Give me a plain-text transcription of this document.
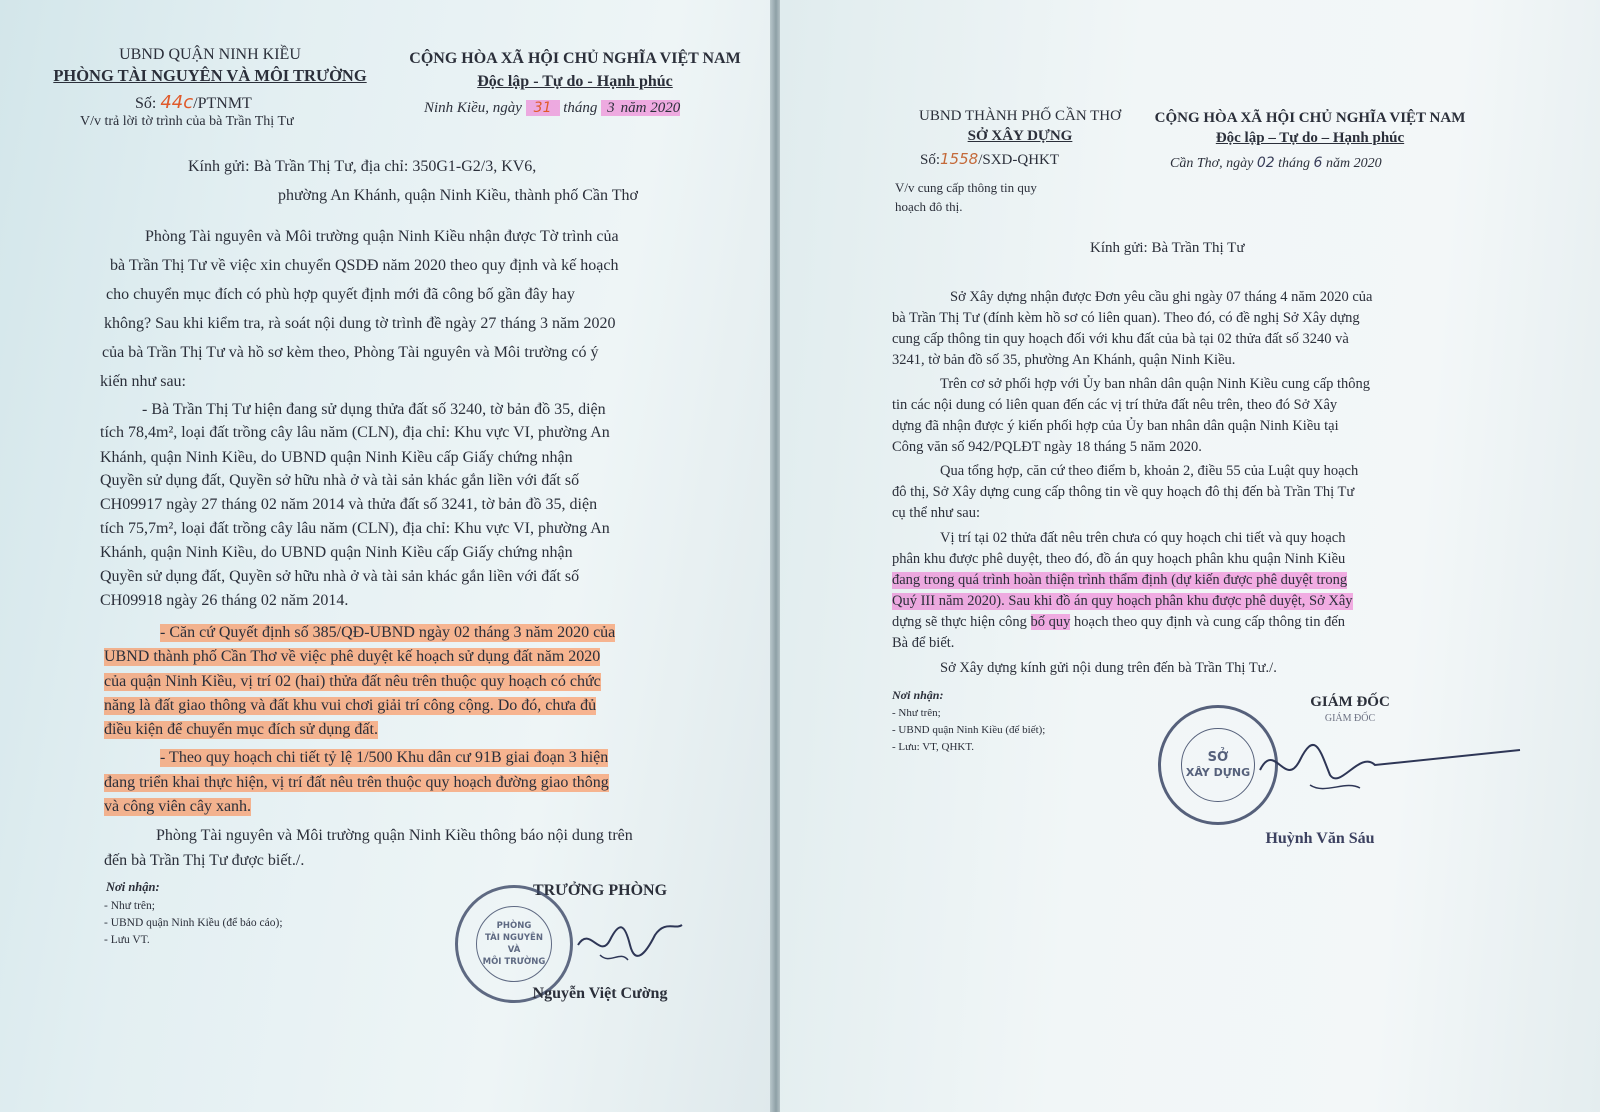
UBND QUẬN NINH KIỀU
PHÒNG TÀI NGUYÊN VÀ MÔI TRƯỜNG
Số: 44c/PTNMT
V/v trả lời tờ trình của bà Trần Thị Tư
CỘNG HÒA XÃ HỘI CHỦ NGHĨA VIỆT NAM
Độc lập - Tự do - Hạnh phúc
Ninh Kiều, ngày 31 tháng 3 năm 2020
Kính gửi: Bà Trần Thị Tư, địa chỉ: 350G1-G2/3, KV6,
phường An Khánh, quận Ninh Kiều, thành phố Cần Thơ
Phòng Tài nguyên và Môi trường quận Ninh Kiều nhận được Tờ trình của
bà Trần Thị Tư về việc xin chuyển QSDĐ năm 2020 theo quy định và kế hoạch
cho chuyển mục đích có phù hợp quyết định mới đã công bố gần đây hay
không? Sau khi kiểm tra, rà soát nội dung tờ trình đề ngày 27 tháng 3 năm 2020
của bà Trần Thị Tư và hồ sơ kèm theo, Phòng Tài nguyên và Môi trường có ý
kiến như sau:
- Bà Trần Thị Tư hiện đang sử dụng thửa đất số 3240, tờ bản đồ 35, diện
tích 78,4m², loại đất trồng cây lâu năm (CLN), địa chỉ: Khu vực VI, phường An
Khánh, quận Ninh Kiều, do UBND quận Ninh Kiều cấp Giấy chứng nhận
Quyền sử dụng đất, Quyền sở hữu nhà ở và tài sản khác gắn liền với đất số
CH09917 ngày 27 tháng 02 năm 2014 và thửa đất số 3241, tờ bản đồ 35, diện
tích 75,7m², loại đất trồng cây lâu năm (CLN), địa chỉ: Khu vực VI, phường An
Khánh, quận Ninh Kiều, do UBND quận Ninh Kiều cấp Giấy chứng nhận
Quyền sử dụng đất, Quyền sở hữu nhà ở và tài sản khác gắn liền với đất số
CH09918 ngày 26 tháng 02 năm 2014.
- Căn cứ Quyết định số 385/QĐ-UBND ngày 02 tháng 3 năm 2020 của
UBND thành phố Cần Thơ về việc phê duyệt kế hoạch sử dụng đất năm 2020
của quận Ninh Kiều, vị trí 02 (hai) thửa đất nêu trên thuộc quy hoạch có chức
năng là đất giao thông và đất khu vui chơi giải trí công cộng. Do đó, chưa đủ
điều kiện để chuyển mục đích sử dụng đất.
- Theo quy hoạch chi tiết tỷ lệ 1/500 Khu dân cư 91B giai đoạn 3 hiện
đang triển khai thực hiện, vị trí đất nêu trên thuộc quy hoạch đường giao thông
và công viên cây xanh.
Phòng Tài nguyên và Môi trường quận Ninh Kiều thông báo nội dung trên
đến bà Trần Thị Tư được biết./.
Nơi nhận:
- Như trên;
- UBND quận Ninh Kiều (để báo cáo);
- Lưu VT.
TRƯỞNG PHÒNG
PHÒNG
TÀI NGUYÊN
VÀ
MÔI TRƯỜNG
Nguyễn Việt Cường
UBND THÀNH PHỐ CẦN THƠ
SỞ XÂY DỰNG
Số:1558/SXD-QHKT
V/v cung cấp thông tin quy
hoạch đô thị.
CỘNG HÒA XÃ HỘI CHỦ NGHĨA VIỆT NAM
Độc lập – Tự do – Hạnh phúc
Cần Thơ, ngày 02 tháng 6 năm 2020
Kính gửi: Bà Trần Thị Tư
Sở Xây dựng nhận được Đơn yêu cầu ghi ngày 07 tháng 4 năm 2020 của
bà Trần Thị Tư (đính kèm hồ sơ có liên quan). Theo đó, có đề nghị Sở Xây dựng
cung cấp thông tin quy hoạch đối với khu đất của bà tại 02 thửa đất số 3240 và
3241, tờ bản đồ số 35, phường An Khánh, quận Ninh Kiều.
Trên cơ sở phối hợp với Ủy ban nhân dân quận Ninh Kiều cung cấp thông
tin các nội dung có liên quan đến các vị trí thửa đất nêu trên, theo đó Sở Xây
dựng đã nhận được ý kiến phối hợp của Ủy ban nhân dân quận Ninh Kiều tại
Công văn số 942/PQLĐT ngày 18 tháng 5 năm 2020.
Qua tổng hợp, căn cứ theo điểm b, khoản 2, điều 55 của Luật quy hoạch
đô thị, Sở Xây dựng cung cấp thông tin về quy hoạch đô thị đến bà Trần Thị Tư
cụ thể như sau:
Vị trí tại 02 thửa đất nêu trên chưa có quy hoạch chi tiết và quy hoạch
phân khu được phê duyệt, theo đó, đồ án quy hoạch phân khu quận Ninh Kiều
đang trong quá trình hoàn thiện trình thẩm định (dự kiến được phê duyệt trong
Quý III năm 2020). Sau khi đồ án quy hoạch phân khu được phê duyệt, Sở Xây
dựng sẽ thực hiện công bố quy hoạch theo quy định và cung cấp thông tin đến
Bà để biết.
Sở Xây dựng kính gửi nội dung trên đến bà Trần Thị Tư./.
Nơi nhận:
- Như trên;
- UBND quận Ninh Kiều (để biết);
- Lưu: VT, QHKT.
GIÁM ĐỐC
GIÁM ĐỐC
SỞ
XÂY DỰNG
Huỳnh Văn Sáu
